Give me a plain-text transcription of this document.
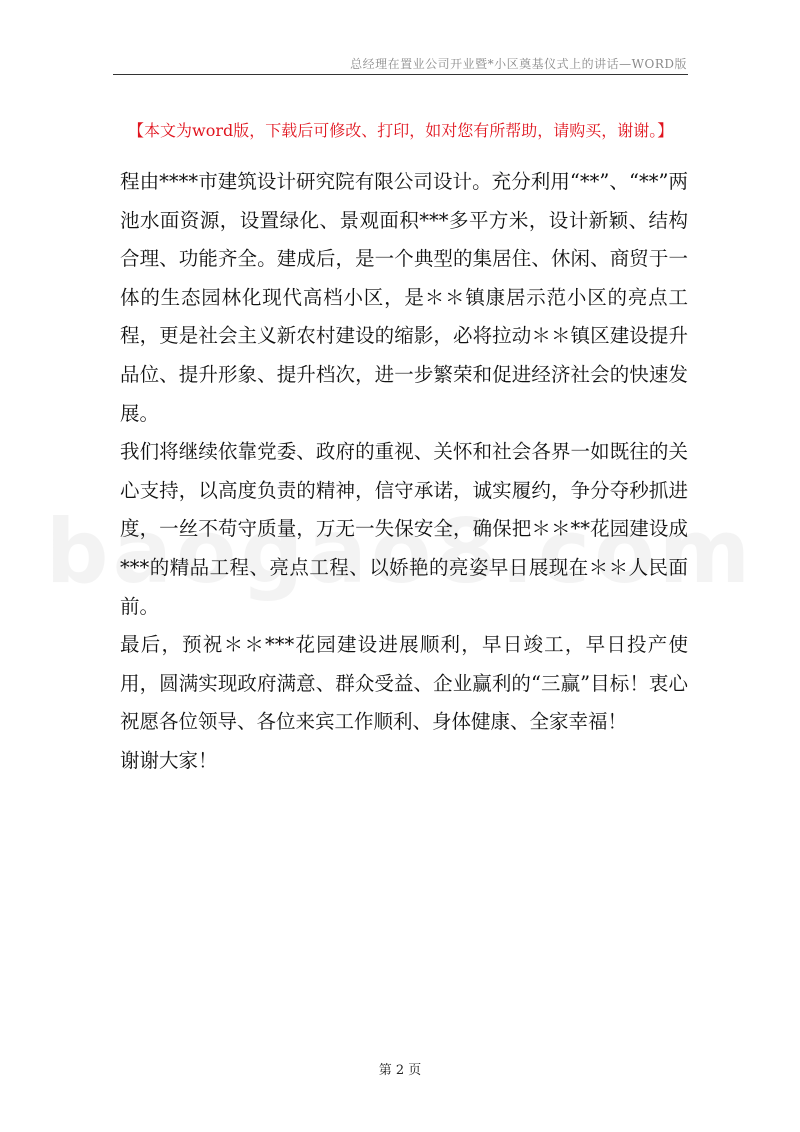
总经理在置业公司开业暨*小区奠基仪式上的讲话—WORD版
【本文为word版，下载后可修改、打印，如对您有所帮助，请购买，谢谢。】

程由****市建筑设计研究院有限公司设计。充分利用“**”、“**”两池水面资源，设置绿化、景观面积***多平方米，设计新颖、结构合理、功能齐全。建成后，是一个典型的集居住、休闲、商贸于一体的生态园林化现代高档小区，是＊＊镇康居示范小区的亮点工程，更是社会主义新农村建设的缩影，必将拉动＊＊镇区建设提升品位、提升形象、提升档次，进一步繁荣和促进经济社会的快速发展。

我们将继续依靠党委、政府的重视、关怀和社会各界一如既往的关心支持，以高度负责的精神，信守承诺，诚实履约，争分夺秒抓进度，一丝不苟守质量，万无一失保安全，确保把＊＊**花园建设成***的精品工程、亮点工程、以娇艳的亮姿早日展现在＊＊人民面前。

最后，预祝＊＊***花园建设进展顺利，早日竣工，早日投产使用，圆满实现政府满意、群众受益、企业赢利的“三赢”目标！衷心祝愿各位领导、各位来宾工作顺利、身体健康、全家幸福！

谢谢大家！

第 2 页
